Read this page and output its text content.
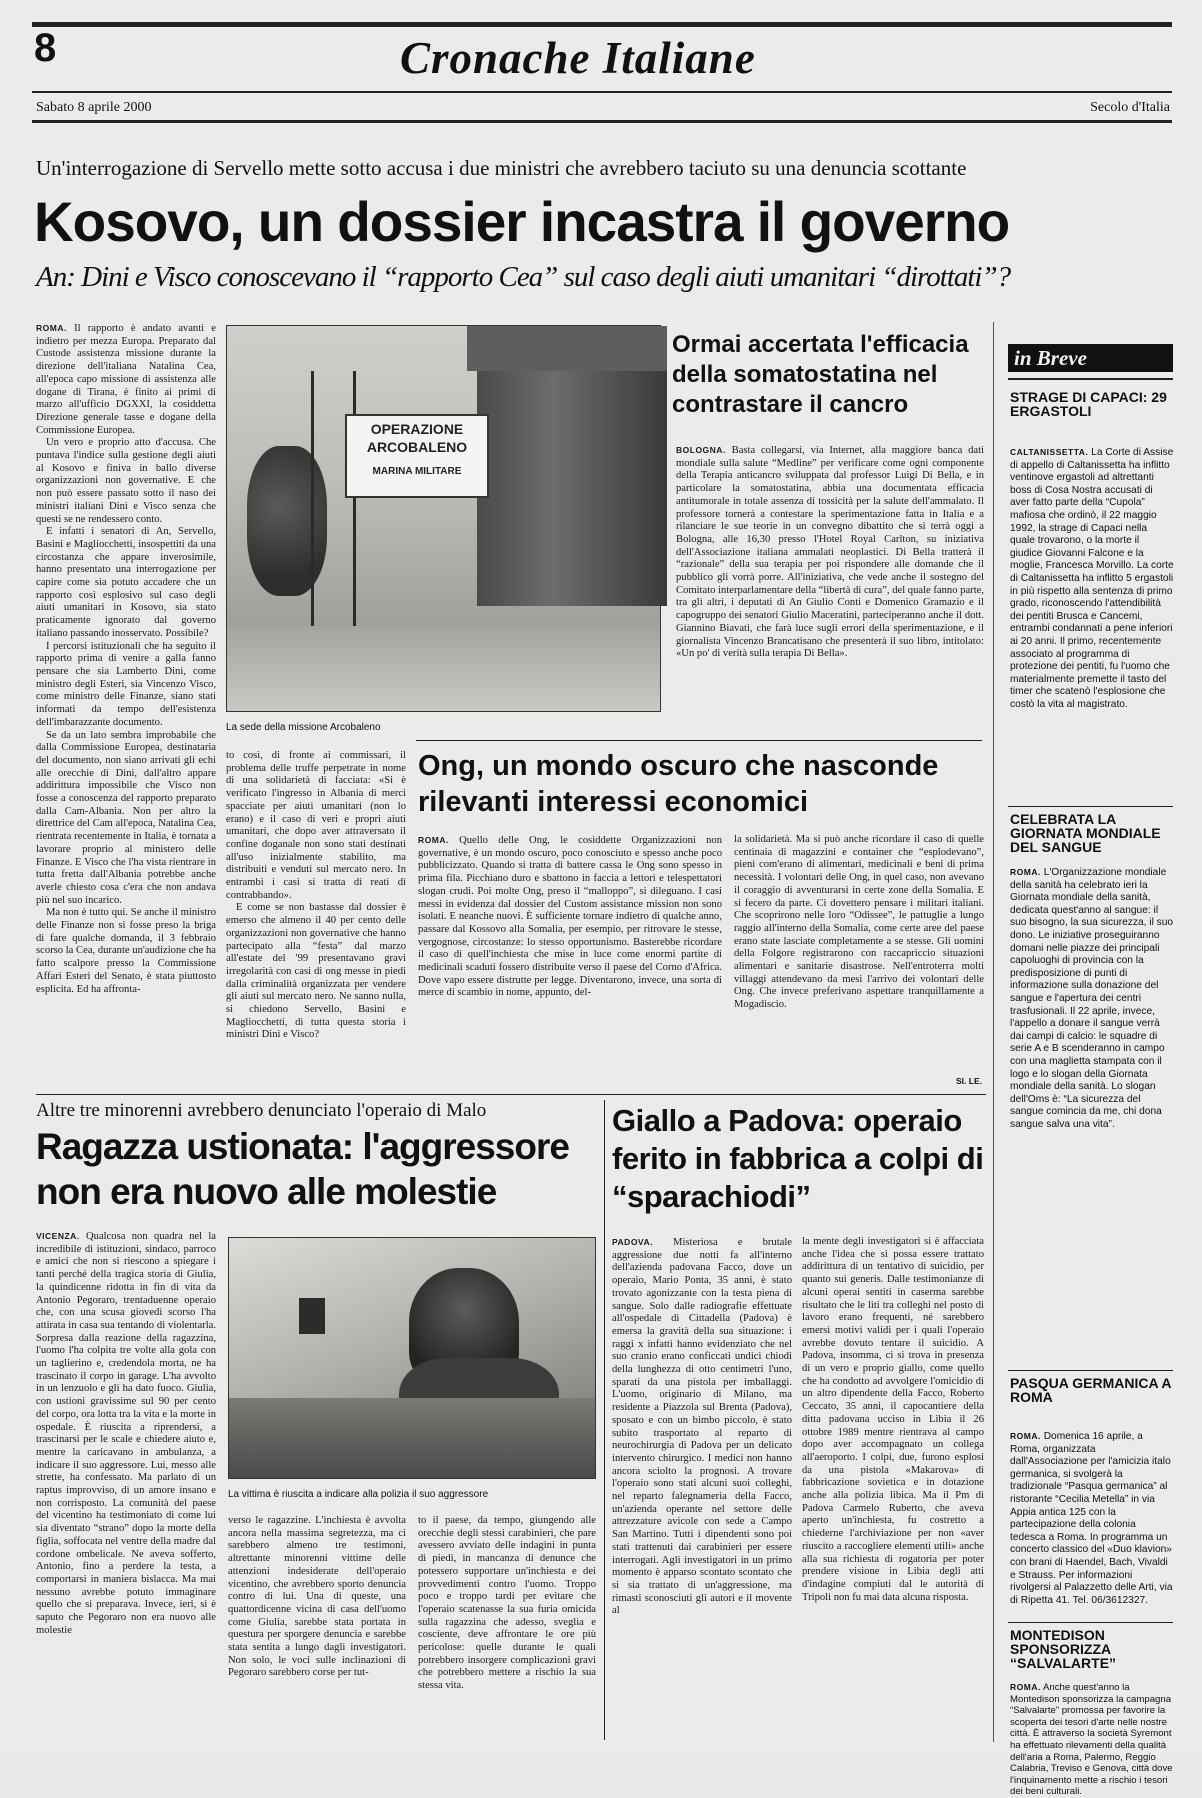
8	Cronache Italiane
Sabato 8 aprile 2000	Secolo d'Italia
Un'interrogazione di Servello mette sotto accusa i due ministri che avrebbero taciuto su una denuncia scottante
Kosovo, un dossier incastra il governo
An: Dini e Visco conoscevano il “rapporto Cea” sul caso degli aiuti umanitari “dirottati”?

ROMA. Il rapporto è andato avanti e indietro per mezza Europa. Preparato dal Custode assistenza missione durante la direzione dell'italiana Natalina Cea, all'epoca capo missione di assistenza alle dogane di Tirana, è finito ai primi di marzo all'ufficio DGXXI, la cosiddetta Direzione generale tasse e dogane della Commissione Europea.

Un vero e proprio atto d'accusa. Che puntava l'indice sulla gestione degli aiuti al Kosovo e finiva in ballo diverse organizzazioni non governative. E che non può essere passato sotto il naso dei ministri italiani Dini e Visco senza che questi se ne rendessero conto.

E infatti i senatori di An, Servello, Basini e Magliocchetti, insospettiti da una circostanza che appare inverosimile, hanno presentato una interrogazione per capire come sia potuto accadere che un rapporto così esplosivo sul caso degli aiuti umanitari in Kosovo, sia stato praticamente ignorato dal governo italiano passando inosservato. Possibile?

I percorsi istituzionali che ha seguito il rapporto prima di venire a galla fanno pensare che sia Lamberto Dini, come ministro degli Esteri, sia Vincenzo Visco, come ministro delle Finanze, siano stati informati da tempo dell'esistenza dell'imbarazzante documento.

Se da un lato sembra improbabile che dalla Commissione Europea, destinataria del documento, non siano arrivati gli echi alle orecchie di Dini, dall'altro appare addirittura impossibile che Visco non fosse a conoscenza del rapporto preparato dalla Cam-Albania. Non per altro la direttrice del Cam all'epoca, Natalina Cea, rientrata recentemente in Italia, è tornata a lavorare proprio al ministero delle Finanze. E Visco che l'ha vista rientrare in tutta fretta dall'Albania potrebbe anche averle chiesto cosa c'era che non andava più nel suo incarico.

Ma non è tutto qui. Se anche il ministro delle Finanze non si fosse preso la briga di fare qualche domanda, il 3 febbraio scorso la Cea, durante un'audizione che ha fatto scalpore presso la Commissione Affari Esteri del Senato, è stata piuttosto esplicita. Ed ha affronta-

OPERAZIONE
ARCOBALENO
MARINA MILITARE
La sede della missione Arcobaleno

to così, di fronte ai commissari, il problema delle truffe perpetrate in nome di una solidarietà di facciata: «Si è verificato l'ingresso in Albania di merci spacciate per aiuti umanitari (non lo erano) e il caso di veri e propri aiuti umanitari, che dopo aver attraversato il confine doganale non sono stati destinati all'uso inizialmente stabilito, ma distribuiti e venduti sul mercato nero. In entrambi i casi si tratta di reati di contrabbando».

E come se non bastasse dal dossier è emerso che almeno il 40 per cento delle organizzazioni non governative che hanno partecipato alla “festa” dal marzo all'estate del '99 presentavano gravi irregolarità con casi di ong messe in piedi dalla criminalità organizzata per vendere gli aiuti sul mercato nero. Ne sanno nulla, si chiedono Servello, Basini e Magliocchetti, di tutta questa storia i ministri Dini e Visco?

Ormai accertata l'efficacia della somatostatina nel contrastare il cancro

BOLOGNA. Basta collegarsi, via Internet, alla maggiore banca dati mondiale sulla salute “Medline” per verificare come ogni componente della Terapia anticancro sviluppata dal professor Luigi Di Bella, e in particolare la somatostatina, abbia una documentata efficacia antitumorale in totale assenza di tossicità per la salute dell'ammalato. Il professore tornerà a contestare la sperimentazione fatta in Italia e a rilanciare le sue teorie in un convegno dibattito che si terrà oggi a Bologna, alle 16,30 presso l'Hotel Royal Carlton, su iniziativa dell'Associazione italiana ammalati neoplastici. Di Bella tratterà il “razionale” della sua terapia per poi rispondere alle domande che il pubblico gli vorrà porre. All'iniziativa, che vede anche il sostegno del Comitato interparlamentare della “libertà di cura”, del quale fanno parte, tra gli altri, i deputati di An Giulio Conti e Domenico Gramazio e il capogruppo dei senatori Giulio Maceratini, parteciperanno anche il dott. Giannino Biavati, che farà luce sugli errori della sperimentazione, e il giornalista Vincenzo Brancatisano che presenterà il suo libro, intitolato: «Un po' di verità sulla terapia Di Bella».

Ong, un mondo oscuro che nasconde rilevanti interessi economici

ROMA. Quello delle Ong, le cosiddette Organizzazioni non governative, è un mondo oscuro, poco conosciuto e spesso anche poco pubblicizzato. Quando si tratta di battere cassa le Ong sono spesso in prima fila. Picchiano duro e sbattono in faccia a lettori e telespettatori slogan crudi. Poi molte Ong, preso il “malloppo”, si dileguano. I casi messi in evidenza dal dossier del Custom assistance mission non sono isolati. E neanche nuovi. È sufficiente tornare indietro di qualche anno, passare dal Kossovo alla Somalia, per esempio, per ritrovare le stesse, vergognose, circostanze: lo stesso opportunismo. Basterebbe ricordare il caso di quell'inchiesta che mise in luce come enormi partite di medicinali scaduti fossero distribuite verso il paese del Corno d'Africa. Dove vapo essere distrutte per legge. Diventarono, invece, una sorta di merce di scambio in nome, appunto, del-

la solidarietà. Ma si può anche ricordare il caso di quelle centinaia di magazzini e container che “esplodevano”, pieni com'erano di alimentari, medicinali e beni di prima necessità. I volontari delle Ong, in quel caso, non avevano il coraggio di avventurarsi in certe zone della Somalia. E si fecero da parte. Ci dovettero pensare i militari italiani. Che scoprirono nelle loro “Odissee”, le pattuglie a lungo raggio all'interno della Somalia, come certe aree del paese erano state lasciate completamente a se stesse. Gli uomini della Folgore registrarono con raccapriccio situazioni alimentari e sanitarie disastrose. Nell'entroterra molti villaggi attendevano da mesi l'arrivo dei volontari delle Ong. Che invece preferivano aspettare tranquillamente a Mogadiscio.

SI. LE.
Altre tre minorenni avrebbero denunciato l'operaio di Malo
Ragazza ustionata: l'aggressore non era nuovo alle molestie

VICENZA. Qualcosa non quadra nel la incredibile di istituzioni, sindaco, parroco e amici che non si riescono a spiegare i tanti perché della tragica storia di Giulia, la quindicenne ridotta in fin di vita da Antonio Pegoraro, trentaduenne operaio che, con una scusa giovedì scorso l'ha attirata in casa sua tentando di violentarla. Sorpresa dalla reazione della ragazzina, l'uomo l'ha colpita tre volte alla gola con un taglierino e, credendola morta, ne ha trascinato il corpo in garage. L'ha avvolto in un lenzuolo e gli ha dato fuoco. Giulia, con ustioni gravissime sul 90 per cento del corpo, ora lotta tra la vita e la morte in ospedale. È riuscita a riprendersi, a trascinarsi per le scale e chiedere aiuto e, mentre la caricavano in ambulanza, a indicare il suo aggressore. Lui, messo alle strette, ha confessato. Ma parlato di un raptus improvviso, di un amore insano e non corrisposto. La comunità del paese del vicentino ha testimoniato di come lui sia diventato “strano” dopo la morte della figlia, soffocata nel ventre della madre dal cordone ombelicale. Ne aveva sofferto, Antonio, fino a perdere la testa, a comportarsi in maniera bislacca. Ma mai nessuno avrebbe potuto immaginare quello che si preparava. Invece, ieri, si è saputo che Pegoraro non era nuovo alle molestie

La vittima è riuscita a indicare alla polizia il suo aggressore

verso le ragazzine. L'inchiesta è avvolta ancora nella massima segretezza, ma ci sarebbero almeno tre testimoni, altrettante minorenni vittime delle attenzioni indesiderate dell'operaio vicentino, che avrebbero sporto denuncia contro di lui. Una di queste, una quattordicenne vicina di casa dell'uomo come Giulia, sarebbe stata portata in questura per sporgere denuncia e sarebbe stata sentita a lungo dagli investigatori. Non solo, le voci sulle inclinazioni di Pegoraro sarebbero corse per tut-

to il paese, da tempo, giungendo alle orecchie degli stessi carabinieri, che pare avessero avviato delle indagini in punta di piedi, in mancanza di denunce che potessero supportare un'inchiesta e dei provvedimenti contro l'uomo. Troppo poco e troppo tardi per evitare che l'operaio scatenasse la sua furia omicida sulla ragazzina che adesso, sveglia e cosciente, deve affrontare le ore più pericolose: quelle durante le quali potrebbero insorgere complicazioni gravi che potrebbero mettere a rischio la sua stessa vita.

Giallo a Padova: operaio ferito in fabbrica a colpi di “sparachiodi”

PADOVA. Misteriosa e brutale aggressione due notti fa all'interno dell'azienda padovana Facco, dove un operaio, Mario Ponta, 35 anni, è stato trovato agonizzante con la testa piena di sangue. Solo dalle radiografie effettuate all'ospedale di Cittadella (Padova) è emersa la gravità della sua situazione: i raggi x infatti hanno evidenziato che nel suo cranio erano conficcati undici chiodi della lunghezza di otto centimetri l'uno, sparati da una pistola per imballaggi. L'uomo, originario di Milano, ma residente a Piazzola sul Brenta (Padova), sposato e con un bimbo piccolo, è stato subito trasportato al reparto di neurochirurgia di Padova per un delicato intervento chirurgico. I medici non hanno ancora sciolto la prognosi. A trovare l'operaio sono stati alcuni suoi colleghi, nel reparto falegnameria della Facco, un'azienda operante nel settore delle attrezzature avicole con sede a Campo San Martino. Tutti i dipendenti sono poi stati trattenuti dai carabinieri per essere interrogati. Agli investigatori in un primo momento è apparso scontato scontato che si sia trattato di un'aggressione, ma rimasti sconosciuti gli autori e il movente al

la mente degli investigatori si è affacciata anche l'idea che si possa essere trattato addirittura di un tentativo di suicidio, per quanto sui generis. Dalle testimonianze di alcuni operai sentiti in caserma sarebbe risultato che le liti tra colleghi nel posto di lavoro erano frequenti, né sarebbero emersi motivi validi per i quali l'operaio avrebbe dovuto tentare il suicidio. A Padova, insomma, ci si trova in presenza di un vero e proprio giallo, come quello che ha condotto ad avvolgere l'omicidio di un altro dipendente della Facco, Roberto Ceccato, 35 anni, il capocantiere della ditta padovana ucciso in Libia il 26 ottobre 1989 mentre rientrava al campo dopo aver accompagnato un collega all'aeroporto. I colpi, due, furono esplosi da una pistola «Makarova» di fabbricazione sovietica e in dotazione anche alla polizia libica. Ma il Pm di Padova Carmelo Ruberto, che aveva aperto un'inchiesta, fu costretto a chiederne l'archiviazione per non «aver riuscito a raccogliere elementi utili» anche alla sua richiesta di rogatoria per poter prendere visione in Libia degli atti d'indagine compiuti dal le autorità di Tripoli non fu mai data alcuna risposta.

in Breve
STRAGE DI CAPACI: 29 ERGASTOLI
CALTANISSETTA. La Corte di Assise di appello di Caltanissetta ha inflitto ventinove ergastoli ad altrettanti boss di Cosa Nostra accusati di aver fatto parte della “Cupola” mafiosa che ordinò, il 22 maggio 1992, la strage di Capaci nella quale trovarono, o la morte il giudice Giovanni Falcone e la moglie, Francesca Morvillo. La corte di Caltanissetta ha inflitto 5 ergastoli in più rispetto alla sentenza di primo grado, riconoscendo l'attendibilità dei pentiti Brusca e Cancemi, entrambi condannati a pene inferiori ai 20 anni. Il primo, recentemente associato al programma di protezione dei pentiti, fu l'uomo che materialmente premette il tasto del timer che scatenò l'esplosione che costò la vita al magistrato.
CELEBRATA LA GIORNATA MONDIALE DEL SANGUE
ROMA. L'Organizzazione mondiale della sanità ha celebrato ieri la Giornata mondiale della sanità, dedicata quest'anno al sangue: il suo bisogno, la sua sicurezza, il suo dono. Le iniziative proseguiranno domani nelle piazze dei principali capoluoghi di provincia con la predisposizione di punti di informazione sulla donazione del sangue e l'apertura dei centri trasfusionali. Il 22 aprile, invece, l'appello a donare il sangue verrà dai campi di calcio: le squadre di serie A e B scenderanno in campo con una maglietta stampata con il logo e lo slogan della Giornata mondiale della sanità. Lo slogan dell'Oms è: “La sicurezza del sangue comincia da me, chi dona sangue salva una vita”.
PASQUA GERMANICA A ROMA
ROMA. Domenica 16 aprile, a Roma, organizzata dall'Associazione per l'amicizia italo germanica, si svolgerà la tradizionale “Pasqua germanica” al ristorante “Cecilia Metella” in via Appia antica 125 con la partecipazione della colonia tedesca a Roma. In programma un concerto classico del «Duo klavion» con brani di Haendel, Bach, Vivaldi e Strauss. Per informazioni rivolgersi al Palazzetto delle Arti, via di Ripetta 41. Tel. 06/3612327.
MONTEDISON SPONSORIZZA “SALVALARTE”
ROMA. Anche quest'anno la Montedison sponsorizza la campagna “Salvalarte” promossa per favorire la scoperta dei tesori d'arte nelle nostre città. È attraverso la società Syremont ha effettuato rilevamenti della qualità dell'aria a Roma, Palermo, Reggio Calabria, Treviso e Genova, città dove l'inquinamento mette a rischio i tesori dei beni culturali.
